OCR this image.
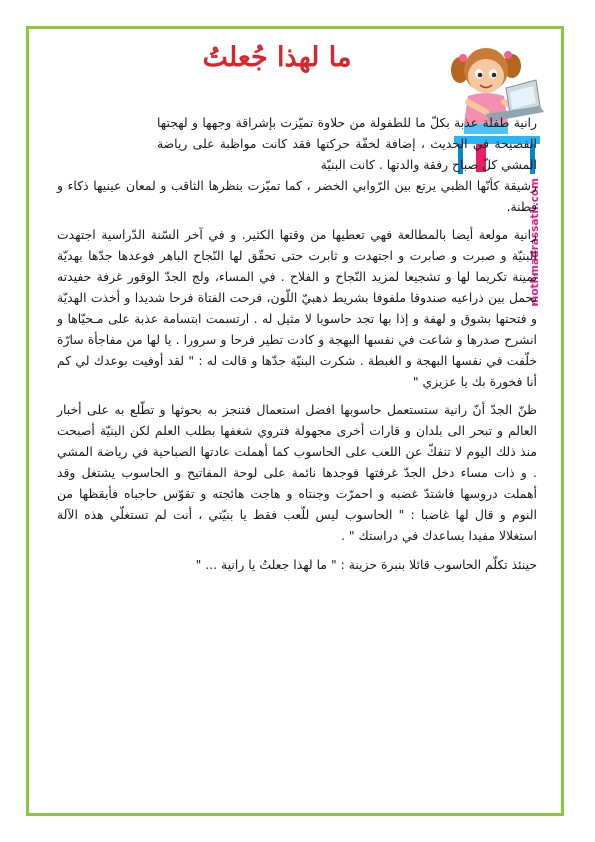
ما لهذا جُعلتُ
mothmadrassatii.com

رانية طفلة عذبة بكلّ ما للطفولة من حلاوة تميّزت بإشراقة وجهها و لهجتها الفصيحة في الحديث ، إضافة لخفّة حركتها فقد كانت مواظبة على رياضة المشي كلّ صباح رفقة والدتها . كانت البنيّة
رشيقة كأنّها الظبي يرتع بين الرّوابي الخضر ، كما تميّزت بنظرها الثاقب و لمعان عينيها ذكاء و فطنة.

رانية مولعة أيضا بالمطالعة فهي تعطيها من وقتها الكثير. و في آخر السّنة الدّراسية اجتهدت البنيّة و صبرت و صابرت و اجتهدت و ثابرت حتى تحقّق لها النّجاح الباهر فوعدها جدّها بهديّة ثمينة تكريما لها و تشجيعا لمزيد النّجاح و الفلاح . في المساء، ولج الجدّ الوقور غرفة حفيدته يحمل بين ذراعيه صندوقا ملفوفا بشريط ذهبيّ اللّون، فرحت الفتاة فرحا شديدا و أخذت الهديّة و فتحتها بشوق و لهفة و إذا بها تجد حاسوبا لا مثيل له . ارتسمت ابتسامة عذبة على مـحيّاها و انشرح صدرها و شاعت في نفسها البهجة و كادت تطير فرحا و سرورا . يا لها من مفاجأة سارّة خلّفت في نفسها البهجة و الغبطة . شكرت البنيّة جدّها و قالت له : " لقد أوفيت بوعدك لي كم أنا فخورة بك يا عزيزي "

ظنّ الجدّ أنّ رانية ستستعمل حاسوبها افضل استعمال فتنجز به بحوثها و تطّلع به على أخبار العالم و تبحر الى بلدان و قارات أخرى مجهولة فتروي شغفها بطلب العلم لكن البنيّة أصبحت منذ ذلك اليوم لا تنفكّ عن اللعب على الحاسوب كما أهملت عادتها الصباحية في رياضة المشي . و ذات مساء دخل الجدّ غرفتها فوجدها نائمة على لوحة المفاتيح و الحاسوب يشتغل وقد أهملت دروسها فاشتدّ غضبه و احمرّت وجنتاه و هاجت هائجته و تقوّس حاجباه فأيقظها من النوم و قال لها غاضبا : " الحاسوب ليس للّعب فقط يا بنيّتي ، أنت لم تستغلّي هذه الآلة استغلالا مفيدا يساعدك في دراستك " .

حينئذ تكلّم الحاسوب قائلا بنبرة حزينة : " ما لهذا جعلتُ يا رانية ... "
